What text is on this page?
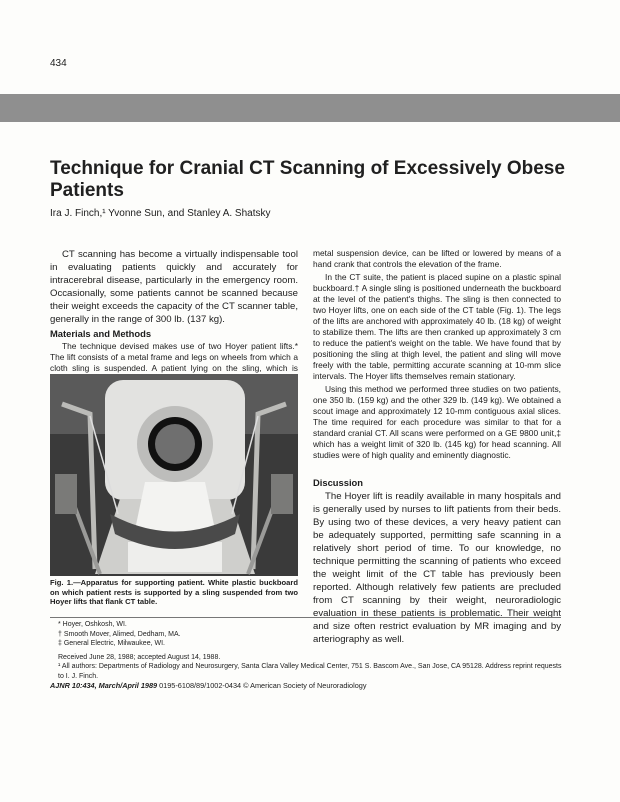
434
Technique for Cranial CT Scanning of Excessively Obese Patients
Ira J. Finch,¹ Yvonne Sun, and Stanley A. Shatsky

CT scanning has become a virtually indispensable tool in evaluating patients quickly and accurately for intracerebral disease, particularly in the emergency room. Occasionally, some patients cannot be scanned because their weight exceeds the capacity of the CT scanner table, generally in the range of 300 lb. (137 kg).

Materials and Methods

The technique devised makes use of two Hoyer patient lifts.* The lift consists of a metal frame and legs on wheels from which a cloth sling is suspended. A patient lying on the sling, which is

Fig. 1.—Apparatus for supporting patient. White plastic buckboard on which patient rests is supported by a sling suspended from two Hoyer lifts that flank CT table.

metal suspension device, can be lifted or lowered by means of a hand crank that controls the elevation of the frame.

In the CT suite, the patient is placed supine on a plastic spinal buckboard.† A single sling is positioned underneath the buckboard at the level of the patient's thighs. The sling is then connected to two Hoyer lifts, one on each side of the CT table (Fig. 1). The legs of the lifts are anchored with approximately 40 lb. (18 kg) of weight to stabilize them. The lifts are then cranked up approximately 3 cm to reduce the patient's weight on the table. We have found that by positioning the sling at thigh level, the patient and sling will move freely with the table, permitting accurate scanning at 10-mm slice intervals. The Hoyer lifts themselves remain stationary.

Using this method we performed three studies on two patients, one 350 lb. (159 kg) and the other 329 lb. (149 kg). We obtained a scout image and approximately 12 10-mm contiguous axial slices. The time required for each procedure was similar to that for a standard cranial CT. All scans were performed on a GE 9800 unit,‡ which has a weight limit of 320 lb. (145 kg) for head scanning. All studies were of high quality and eminently diagnostic.

Discussion

The Hoyer lift is readily available in many hospitals and is generally used by nurses to lift patients from their beds. By using two of these devices, a very heavy patient can be adequately supported, permitting safe scanning in a relatively short period of time. To our knowledge, no technique permitting the scanning of patients who exceed the weight limit of the CT table has previously been reported. Although relatively few patients are precluded from CT scanning by their weight, neuroradiologic evaluation in these patients is problematic. Their weight and size often restrict evaluation by MR imaging and by arteriography as well.

* Hoyer, Oshkosh, WI.
† Smooth Mover, Alimed, Dedham, MA.
‡ General Electric, Milwaukee, WI.
Received June 28, 1988; accepted August 14, 1988.
¹ All authors: Departments of Radiology and Neurosurgery, Santa Clara Valley Medical Center, 751 S. Bascom Ave., San Jose, CA 95128. Address reprint requests to I. J. Finch.
AJNR 10:434, March/April 1989 0195-6108/89/1002-0434 © American Society of Neuroradiology
